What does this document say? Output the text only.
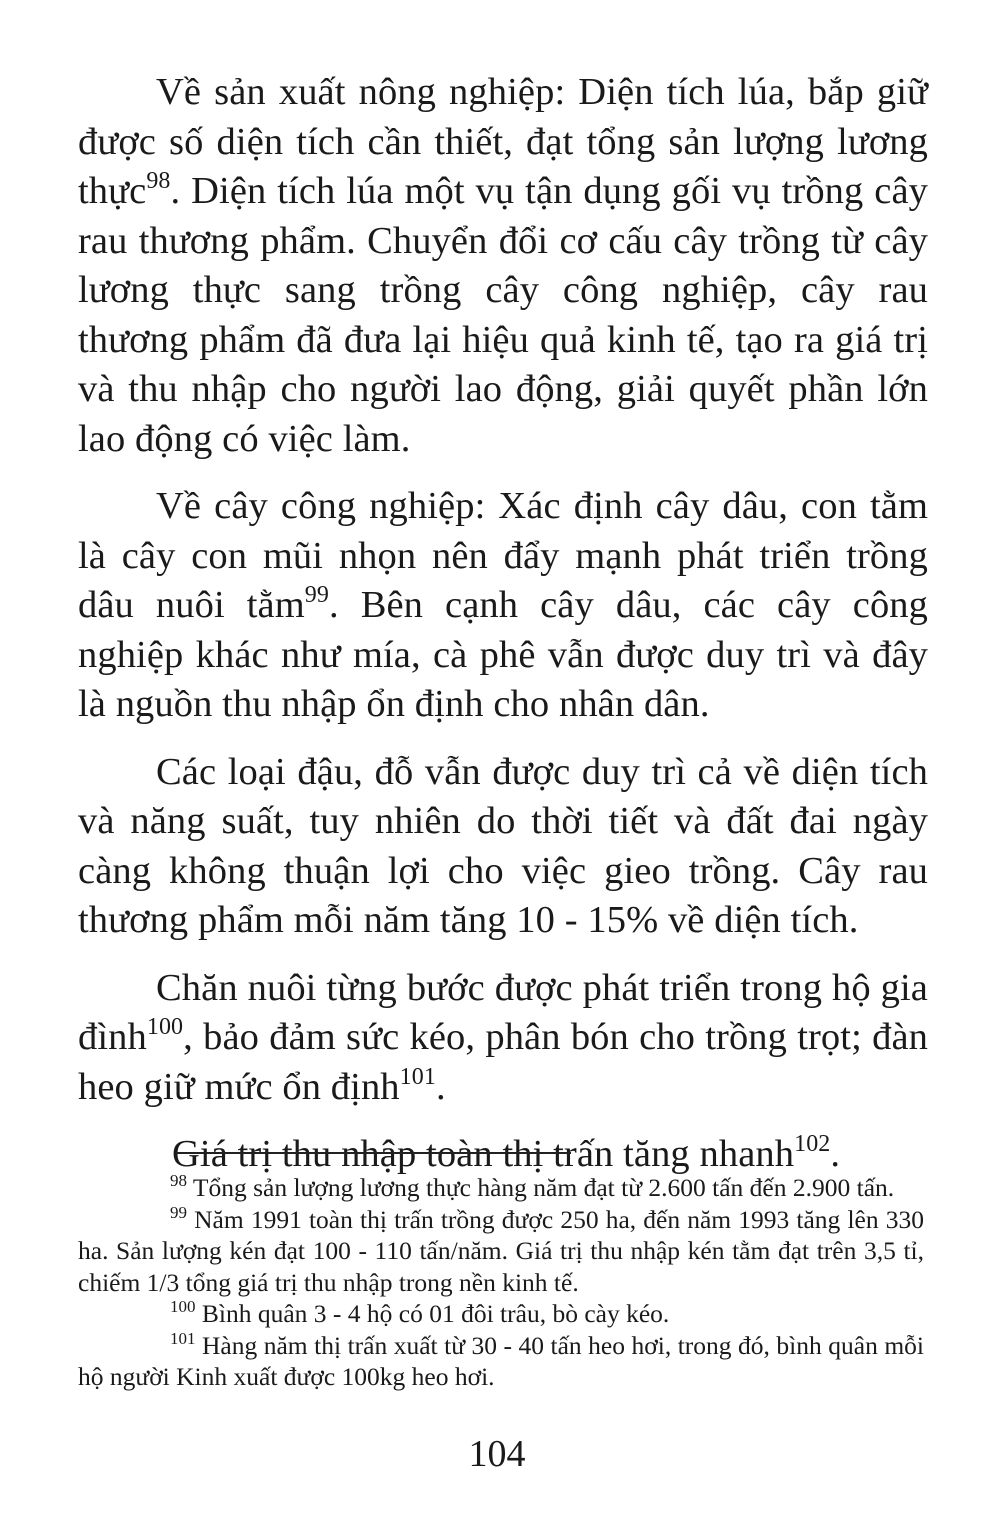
Về sản xuất nông nghiệp: Diện tích lúa, bắp giữ được số diện tích cần thiết, đạt tổng sản lượng lương thực$^{98}$. Diện tích lúa một vụ tận dụng gối vụ trồng cây rau thương phẩm. Chuyển đổi cơ cấu cây trồng từ cây lương thực sang trồng cây công nghiệp, cây rau thương phẩm đã đưa lại hiệu quả kinh tế, tạo ra giá trị và thu nhập cho người lao động, giải quyết phần lớn lao động có việc làm.

Về cây công nghiệp: Xác định cây dâu, con tằm là cây con mũi nhọn nên đẩy mạnh phát triển trồng dâu nuôi tằm$^{99}$. Bên cạnh cây dâu, các cây công nghiệp khác như mía, cà phê vẫn được duy trì và đây là nguồn thu nhập ổn định cho nhân dân.

Các loại đậu, đỗ vẫn được duy trì cả về diện tích và năng suất, tuy nhiên do thời tiết và đất đai ngày càng không thuận lợi cho việc gieo trồng. Cây rau thương phẩm mỗi năm tăng 10 - 15% về diện tích.

Chăn nuôi từng bước được phát triển trong hộ gia đình$^{100}$, bảo đảm sức kéo, phân bón cho trồng trọt; đàn heo giữ mức ổn định$^{101}$.

Giá trị thu nhập toàn thị trấn tăng nhanh$^{102}$.

$^{98}$ Tổng sản lượng lương thực hàng năm đạt từ 2.600 tấn đến 2.900 tấn.

$^{99}$ Năm 1991 toàn thị trấn trồng được 250 ha, đến năm 1993 tăng lên 330 ha. Sản lượng kén đạt 100 - 110 tấn/năm. Giá trị thu nhập kén tằm đạt trên 3,5 tỉ, chiếm 1/3 tổng giá trị thu nhập trong nền kinh tế.

$^{100}$ Bình quân 3 - 4 hộ có 01 đôi trâu, bò cày kéo.

$^{101}$ Hàng năm thị trấn xuất từ 30 - 40 tấn heo hơi, trong đó, bình quân mỗi hộ người Kinh xuất được 100kg heo hơi.

104
